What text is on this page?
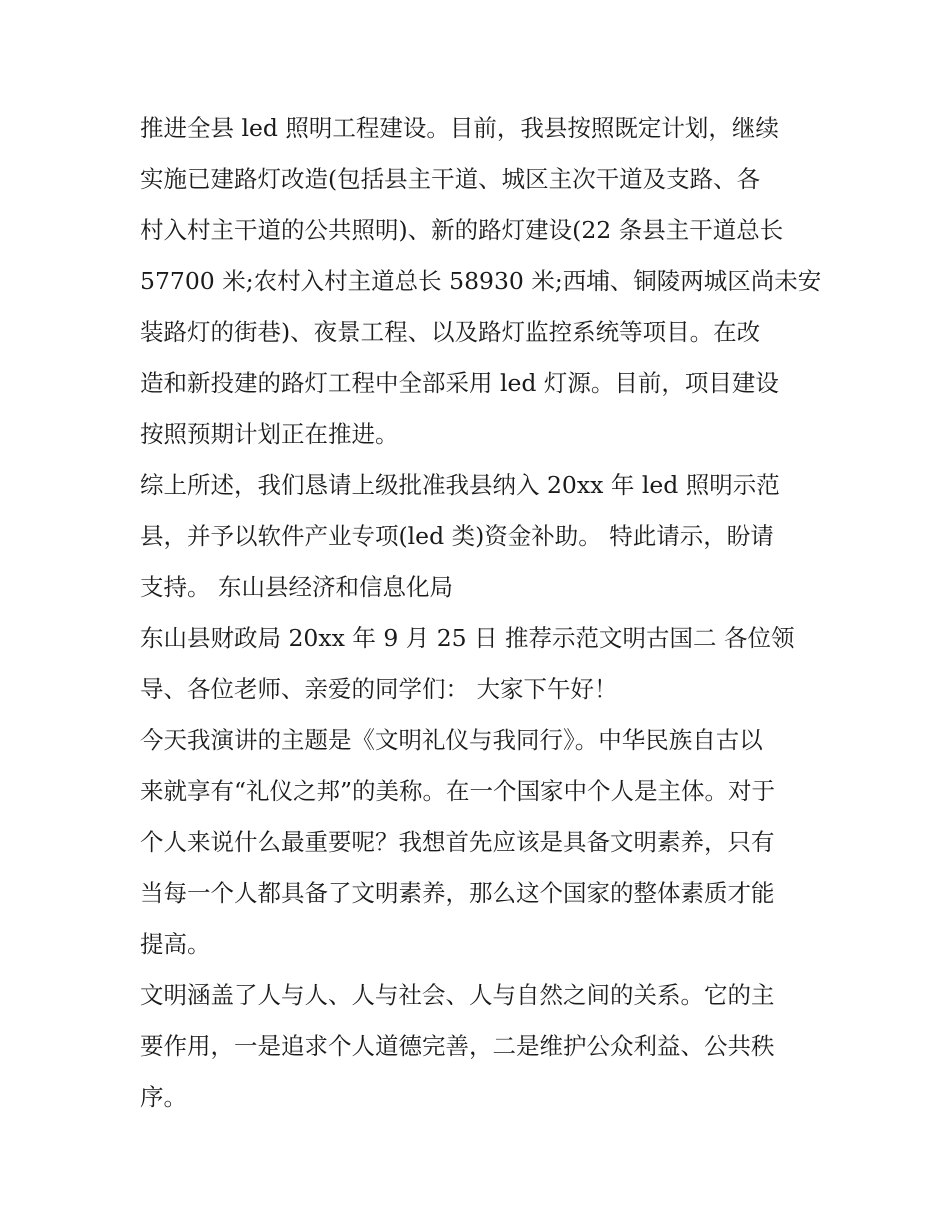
推进全县 led 照明工程建设。目前，我县按照既定计划，继续
实施已建路灯改造(包括县主干道、城区主次干道及支路、各
村入村主干道的公共照明)、新的路灯建设(22 条县主干道总长
57700 米;农村入村主道总长 58930 米;西埔、铜陵两城区尚未安
装路灯的街巷)、夜景工程、以及路灯监控系统等项目。在改
造和新投建的路灯工程中全部采用 led 灯源。目前，项目建设
按照预期计划正在推进。

综上所述，我们恳请上级批准我县纳入 20xx 年 led 照明示范
县，并予以软件产业专项(led 类)资金补助。 特此请示，盼请
支持。 东山县经济和信息化局

东山县财政局 20xx 年 9 月 25 日 推荐示范文明古国二 各位领
导、各位老师、亲爱的同学们： 大家下午好！

今天我演讲的主题是《文明礼仪与我同行》。中华民族自古以
来就享有“礼仪之邦”的美称。在一个国家中个人是主体。对于
个人来说什么最重要呢？我想首先应该是具备文明素养，只有
当每一个人都具备了文明素养，那么这个国家的整体素质才能
提高。

文明涵盖了人与人、人与社会、人与自然之间的关系。它的主
要作用，一是追求个人道德完善，二是维护公众利益、公共秩
序。
